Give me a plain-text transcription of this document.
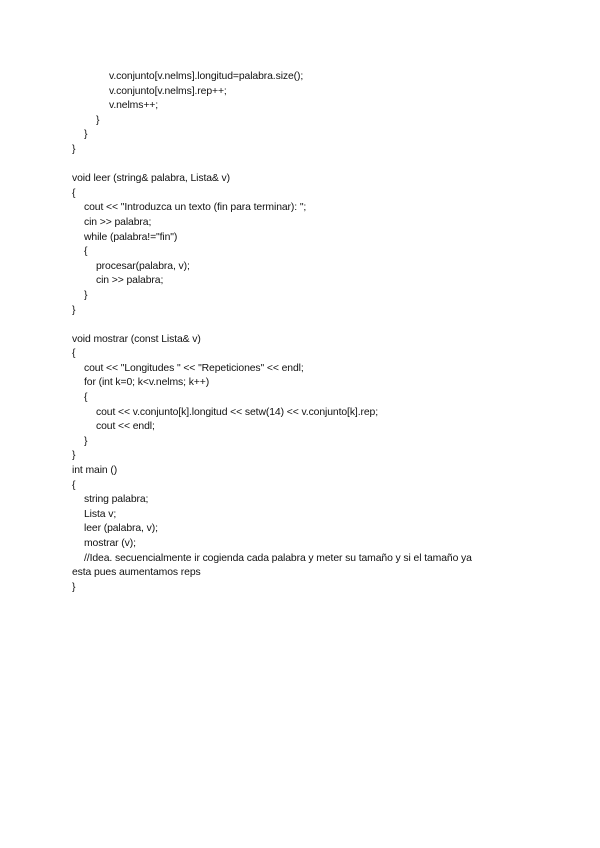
v.conjunto[v.nelms].longitud=palabra.size();
v.conjunto[v.nelms].rep++;
v.nelms++;
}
}
}
void leer (string& palabra, Lista& v)
{
cout << "Introduzca un texto (fin para terminar): ";
cin >> palabra;
while (palabra!="fin")
{
procesar(palabra, v);
cin >> palabra;
}
}
void mostrar (const Lista& v)
{
cout << "Longitudes " << "Repeticiones" << endl;
for (int k=0; k<v.nelms; k++)
{
cout << v.conjunto[k].longitud << setw(14) << v.conjunto[k].rep;
cout << endl;
}
}
int main ()
{
string palabra;
Lista v;
leer (palabra, v);
mostrar (v);
//Idea. secuencialmente ir cogienda cada palabra y meter su tamaño y si el tamaño ya
esta pues aumentamos reps
}
